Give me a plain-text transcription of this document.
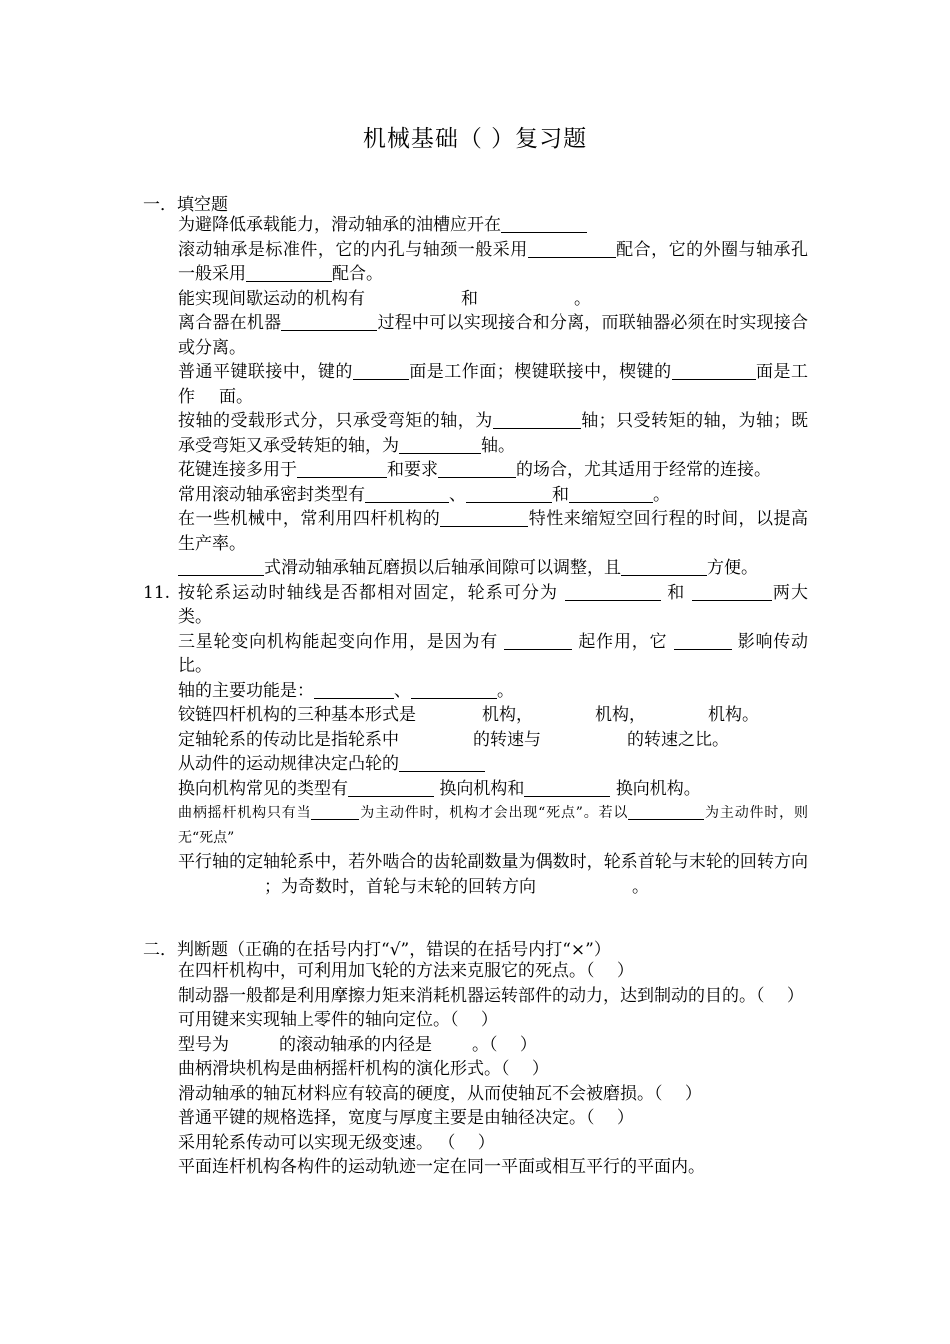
机械基础（ ）复习题
一．填空题
为避降低承载能力，滑动轴承的油槽应开在
滚动轴承是标准件，它的内孔与轴颈一般采用	配合，它的外圈与轴承孔一般采用	配合。
能实现间歇运动的机构有	和	。
离合器在机器	过程中可以实现接合和分离，而联轴器必须在时实现接合或分离。
普通平键联接中，键的	面是工作面；楔键联接中，楔键的	面是工作 面。
按轴的受载形式分，只承受弯矩的轴，为	轴；只受转矩的轴，为轴；既承受弯矩又承受转矩的轴，为	轴。
花键连接多用于	和要求	的场合，尤其适用于经常的连接。
常用滚动轴承密封类型有	、	和	。
在一些机械中，常利用四杆机构的	特性来缩短空回行程的时间，以提高生产率。
式滑动轴承轴瓦磨损以后轴承间隙可以调整，且	方便。
11. 按轮系运动时轴线是否都相对固定，轮系可分为	和	两大类。
三星轮变向机构能起变向作用，是因为有	起作用，它	影响传动比。
轴的主要功能是：	、	。
铰链四杆机构的三种基本形式是	机构，	机构，	机构。
定轴轮系的传动比是指轮系中	的转速与	的转速之比。
从动件的运动规律决定凸轮的
换向机构常见的类型有	换向机构和	换向机构。
曲柄摇杆机构只有当	为主动件时，机构才会出现“死点”。若以	为主动件时，则无“死点”
平行轴的定轴轮系中，若外啮合的齿轮副数量为偶数时，轮系首轮与末轮的回转方向；为奇数时，首轮与末轮的回转方向	。
二．判断题（正确的在括号内打“√”，错误的在括号内打“×”）
在四杆机构中，可利用加飞轮的方法来克服它的死点。（　 ）
制动器一般都是利用摩擦力矩来消耗机器运转部件的动力，达到制动的目的。（　 ）
可用键来实现轴上零件的轴向定位。（　 ）
型号为	的滚动轴承的内径是 。（　 ）
曲柄滑块机构是曲柄摇杆机构的演化形式。（　 ）
滑动轴承的轴瓦材料应有较高的硬度，从而使轴瓦不会被磨损。（　 ）
普通平键的规格选择，宽度与厚度主要是由轴径决定。（　 ）
采用轮系传动可以实现无级变速。 （　 ）
平面连杆机构各构件的运动轨迹一定在同一平面或相互平行的平面内。
